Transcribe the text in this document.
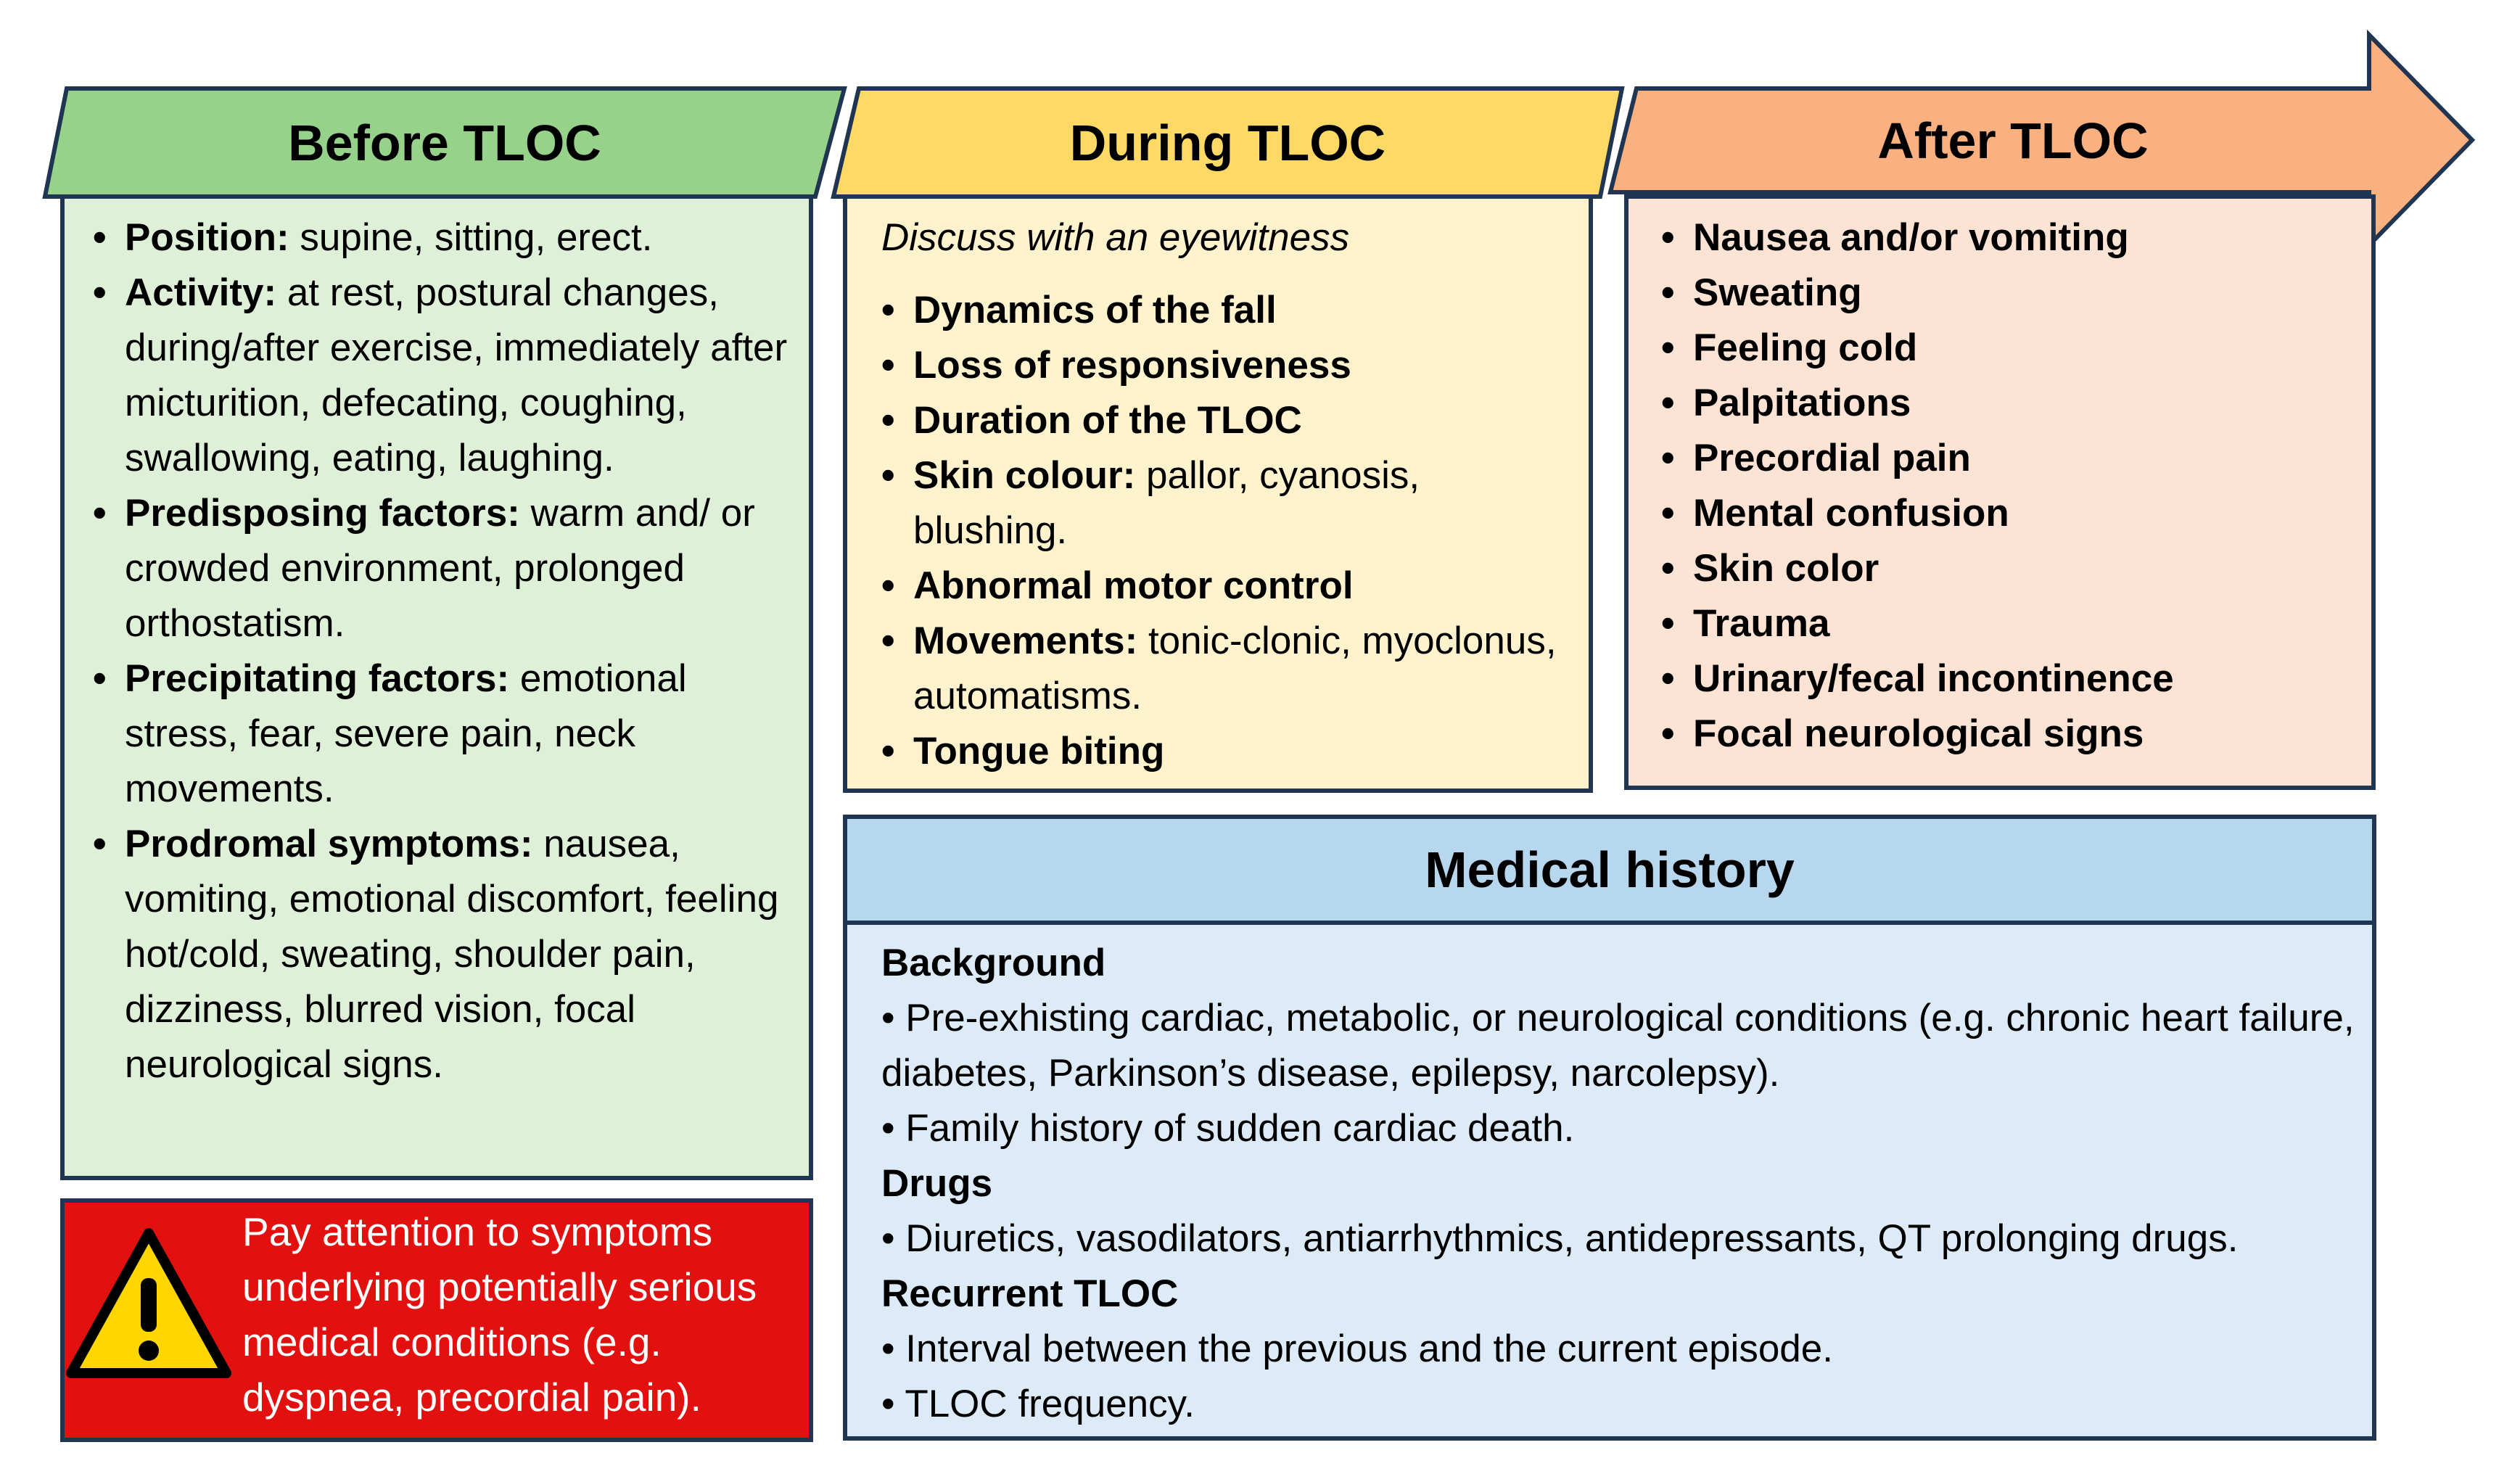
Before TLOC	During TLOC	After TLOC
Medical history
• Position: supine, sitting, erect.
• Activity: at rest, postural changes, during/after exercise, immediately after micturition, defecating, coughing, swallowing, eating, laughing.
• Predisposing factors: warm and/ or crowded environment, prolonged orthostatism.
• Precipitating factors: emotional stress, fear, severe pain, neck movements.
• Prodromal symptoms: nausea, vomiting, emotional discomfort, feeling hot/cold, sweating, shoulder pain, dizziness, blurred vision, focal neurological signs.
Discuss with an eyewitness
• Dynamics of the fall
• Loss of responsiveness
• Duration of the TLOC
• Skin colour: pallor, cyanosis, blushing.
• Abnormal motor control
• Movements: tonic-clonic, myoclonus, automatisms.
• Tongue biting
• Nausea and/or vomiting
• Sweating
• Feeling cold
• Palpitations
• Precordial pain
• Mental confusion
• Skin color
• Trauma
• Urinary/fecal incontinence
• Focal neurological signs
Background
• Pre-exhisting cardiac, metabolic, or neurological conditions (e.g. chronic heart failure, diabetes, Parkinson’s disease, epilepsy, narcolepsy).
• Family history of sudden cardiac death.
Drugs
• Diuretics, vasodilators, antiarrhythmics, antidepressants, QT prolonging drugs.
Recurrent TLOC
• Interval between the previous and the current episode.
• TLOC frequency.
Pay attention to symptoms underlying potentially serious medical conditions (e.g. dyspnea, precordial pain).
